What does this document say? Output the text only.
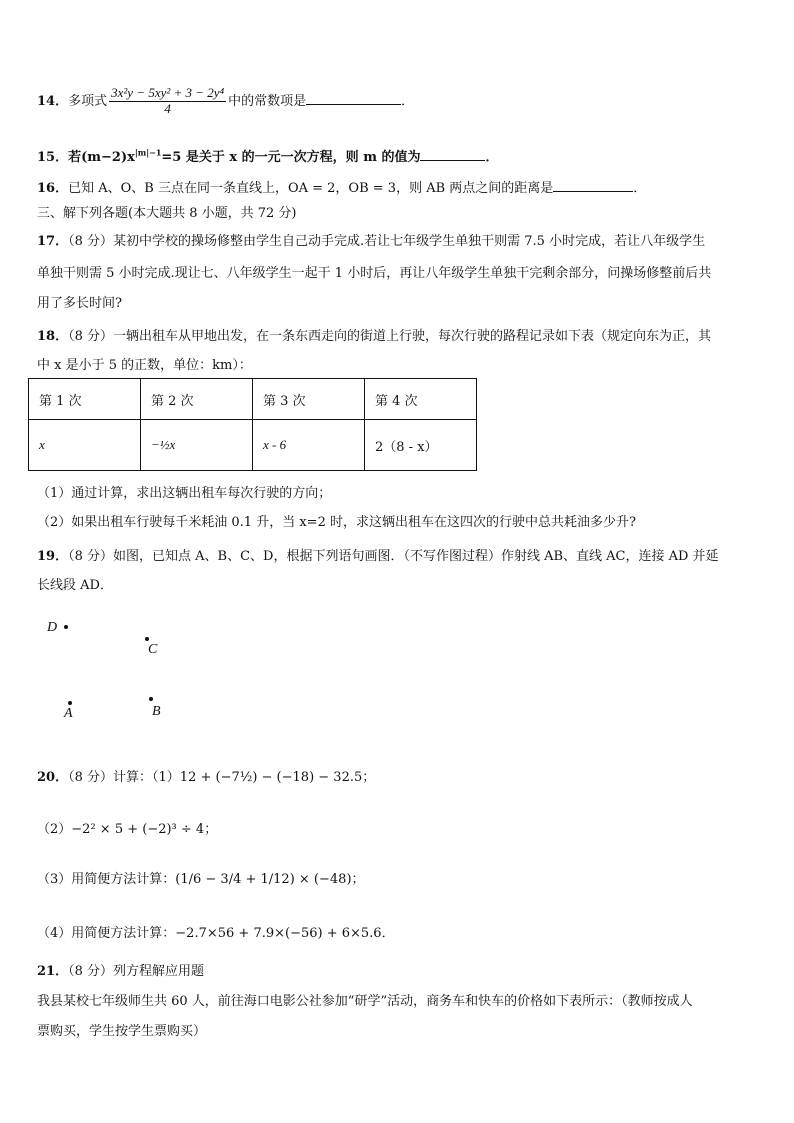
14．多项式 $\frac{\text{3x²y − 5xy² + 3 − 2y⁴}}{4}$ 中的常数项是	．
15．若$(m-2)x^{|m|-1}=5$ 是关于 x 的一元一次方程，则 m 的值为	．
16．已知 A、O、B 三点在同一条直线上，OA = 2，OB = 3，则 AB 两点之间的距离是	．
三、解下列各题(本大题共 8 小题，共 72 分)
17．（8 分）某初中学校的操场修整由学生自己动手完成.若让七年级学生单独干则需 7.5 小时完成，若让八年级学生
单独干则需 5 小时完成.现让七、八年级学生一起干 1 小时后，再让八年级学生单独干完剩余部分，问操场修整前后共
用了多长时间?
18．（8 分）一辆出租车从甲地出发，在一条东西走向的街道上行驶，每次行驶的路程记录如下表（规定向东为正，其
中 x 是小于 5 的正数，单位：km）：
第 1 次	第 2 次	第 3 次	第 4 次
x	−½x	x - 6	2（8 - x）
（1）通过计算，求出这辆出租车每次行驶的方向；
（2）如果出租车行驶每千米耗油 0.1 升，当 x=2 时，求这辆出租车在这四次的行驶中总共耗油多少升?
19．（8 分）如图，已知点 A、B、C、D，根据下列语句画图．（不写作图过程）作射线 AB、直线 AC，连接 AD 并延
长线段 AD．
D
C
A	B
20．（8 分）计算：（1）12 + (−7½) − (−18) − 32.5；
（2）−2² × 5 + (−2)³ ÷ 4；
（3）用简便方法计算：(1/6 − 3/4 + 1/12) × (−48)；
（4）用简便方法计算：−2.7×56 + 7.9×(−56) + 6×5.6．
21．（8 分）列方程解应用题
我县某校七年级师生共 60 人，前往海口电影公社参加“研学”活动，商务车和快车的价格如下表所示：（教师按成人
票购买，学生按学生票购买）
